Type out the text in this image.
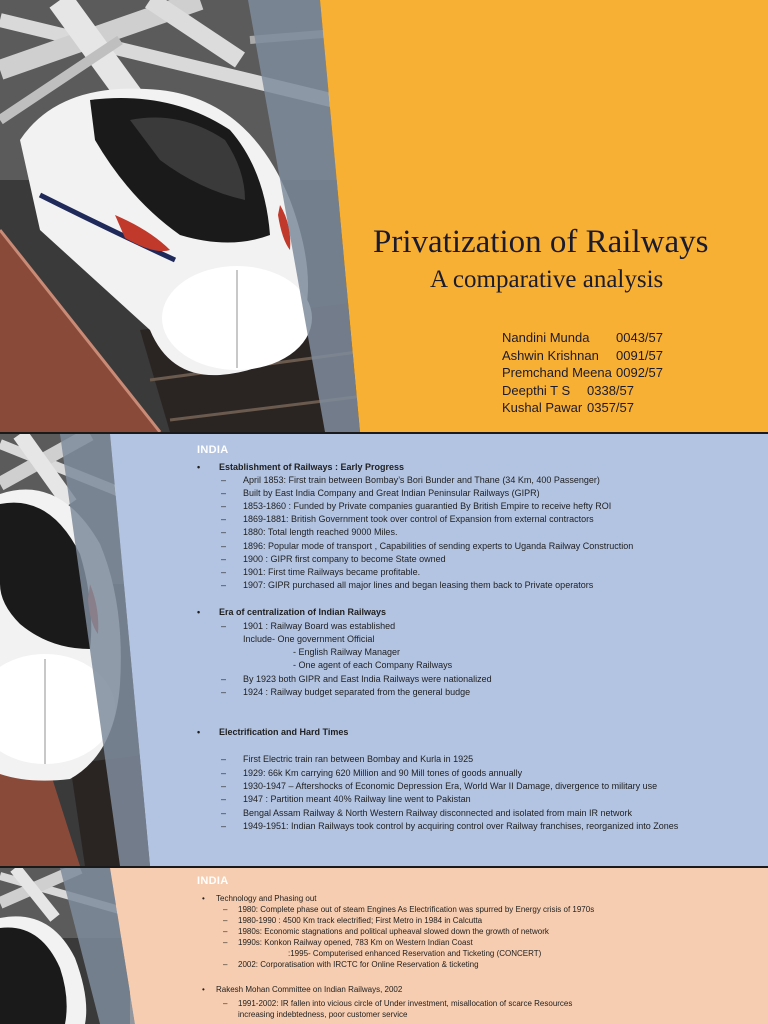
Privatization of Railways
A comparative analysis
Nandini Munda 0043/57
Ashwin Krishnan 0091/57
Premchand Meena 0092/57
Deepthi T S 0338/57
Kushal Pawar 0357/57
INDIA
• Establishment of Railways : Early Progress
– April 1853: First train between Bombay’s Bori Bunder and Thane (34 Km, 400 Passenger)
– Built by East India Company and Great Indian Peninsular Railways (GIPR)
– 1853-1860 : Funded by Private companies guarantied By British Empire to receive hefty ROI
– 1869-1881: British Government took over control of Expansion from external contractors
– 1880: Total length reached 9000 Miles.
– 1896: Popular mode of transport , Capabilities of sending experts to Uganda Railway Construction
– 1900 : GIPR first company to become State owned
– 1901: First time Railways became profitable.
– 1907: GIPR purchased all major lines and began leasing them back to Private operators
• Era of centralization of Indian Railways
– 1901 : Railway Board was established
Include- One government Official
- English Railway Manager
- One agent of each Company Railways
– By 1923 both GIPR and East India Railways were nationalized
– 1924 : Railway budget separated from the general budge
• Electrification and Hard Times
– First Electric train ran between Bombay and Kurla in 1925
– 1929: 66k Km carrying 620 Million and 90 Mill tones of goods annually
– 1930-1947 – Aftershocks of Economic Depression Era, World War II Damage, divergence to military use
– 1947 : Partition meant 40% Railway line went to Pakistan
– Bengal Assam Railway & North Western Railway disconnected and isolated from main IR network
– 1949-1951: Indian Railways took control by acquiring control over Railway franchises, reorganized into Zones
INDIA
• Technology and Phasing out
– 1980: Complete phase out of steam Engines As Electrification was spurred by Energy crisis of 1970s
– 1980-1990 : 4500 Km track electrified; First Metro in 1984 in Calcutta
– 1980s: Economic stagnations and political upheaval slowed down the growth of network
– 1990s: Konkon Railway opened, 783 Km on Western Indian Coast
:1995- Computerised enhanced Reservation and Ticketing (CONCERT)
– 2002: Corporatisation with IRCTC for Online Reservation & ticketing
• Rakesh Mohan Committee on Indian Railways, 2002
– 1991-2002: IR fallen into vicious circle of Under investment, misallocation of scarce Resources
increasing indebtedness, poor customer service
